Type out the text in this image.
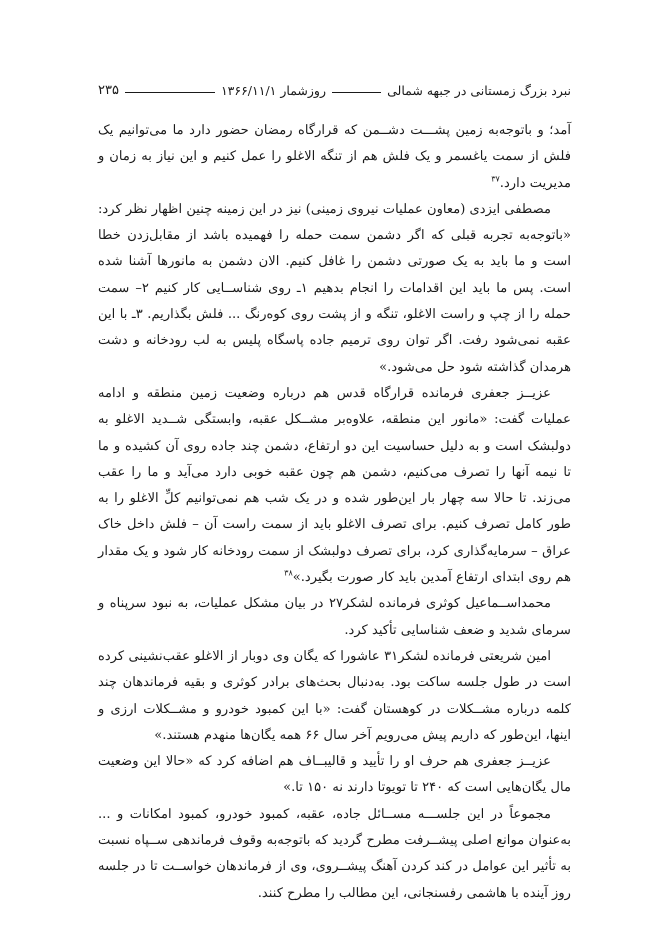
نبرد بزرگ زمستانی در جبهه شمالی
روزشمار ۱۳۶۶/۱۱/۱
۲۳۵

آمد؛ و باتوجه‌به زمین پشـــت دشــمن که قرارگاه رمضان حضور دارد ما می‌توانیم یک فلش از سمت یاغسمر و یک فلش هم از تنگه الاغلو را عمل کنیم و این نیاز به زمان و مدیریت دارد.$^{۳۷}$

مصطفی ایزدی (معاون عملیات نیروی زمینی) نیز در این زمینه چنین اظهار نظر کرد: «باتوجه‌به تجربه قبلی که اگر دشمن سمت حمله را فهمیده باشد از مقابل‌زدن خطا است و ما باید به یک صورتی دشمن را غافل کنیم. الان دشمن به مانورها آشنا شده است. پس ما باید این اقدامات را انجام بدهیم ۱ـ روی شناســایی کار کنیم ۲– سمت حمله را از چپ و راست الاغلو، تنگه و از پشت روی کوه‌رنگ ... فلش بگذاریم. ۳ـ با این عقبه نمی‌شود رفت. اگر توان روی ترمیم جاده پاسگاه پلیس به لب رودخانه و دشت هرمدان گذاشته شود حل می‌شود.»

عزیــز جعفری فرمانده قرارگاه قدس هم درباره وضعیت زمین منطقه و ادامه عملیات گفت: «مانور این منطقه، علاوه‌بر مشــکل عقبه، وابستگی شــدید الاغلو به دولبشک است و به دلیل حساسیت این دو ارتفاع، دشمن چند جاده روی آن کشیده و ما تا نیمه آنها را تصرف می‌کنیم، دشمن هم چون عقبه خوبی دارد می‌آید و ما را عقب می‌زند. تا حالا سه چهار بار این‌طور شده و در یک شب هم نمی‌توانیم کلِّ الاغلو را به طور کامل تصرف کنیم. برای تصرف الاغلو باید از سمت راست آن – فلش داخل خاک عراق – سرمایه‌گذاری کرد، برای تصرف دولبشک از سمت رودخانه کار شود و یک مقدار هم روی ابتدای ارتفاع آمدین باید کار صورت بگیرد.»$^{۳۸}$

محمداســماعیل کوثری فرمانده لشکر۲۷ در بیان مشکل عملیات، به نبود سرپناه و سرمای شدید و ضعف شناسایی تأکید کرد.

امین شریعتی فرمانده لشکر۳۱ عاشورا که یگان وی دوبار از الاغلو عقب‌نشینی کرده است در طول جلسه ساکت بود. به‌دنبال بحث‌های برادر کوثری و بقیه فرماندهان چند کلمه درباره مشــکلات در کوهستان گفت: «با این کمبود خودرو و مشــکلات ارزی و اینها، این‌طور که داریم پیش می‌رویم آخر سال ۶۶ همه یگان‌ها منهدم هستند.»

عزیــز جعفری هم حرف او را تأیید و قالیبــاف هم اضافه کرد که «حالا این وضعیت مال یگان‌هایی است که ۲۴۰ تا تویوتا دارند نه ۱۵۰ تا.»

مجموعاً در این جلســـه مســائل جاده، عقبه، کمبود خودرو، کمبود امکانات و ... به‌عنوان موانع اصلی پیشــرفت مطرح گردید که باتوجه‌به وقوف فرماندهی ســپاه نسبت به تأثیر این عوامل در کند کردن آهنگ پیشــروی، وی از فرماندهان خواســت تا در جلسه روز آینده با هاشمی رفسنجانی، این مطالب را مطرح کنند.
